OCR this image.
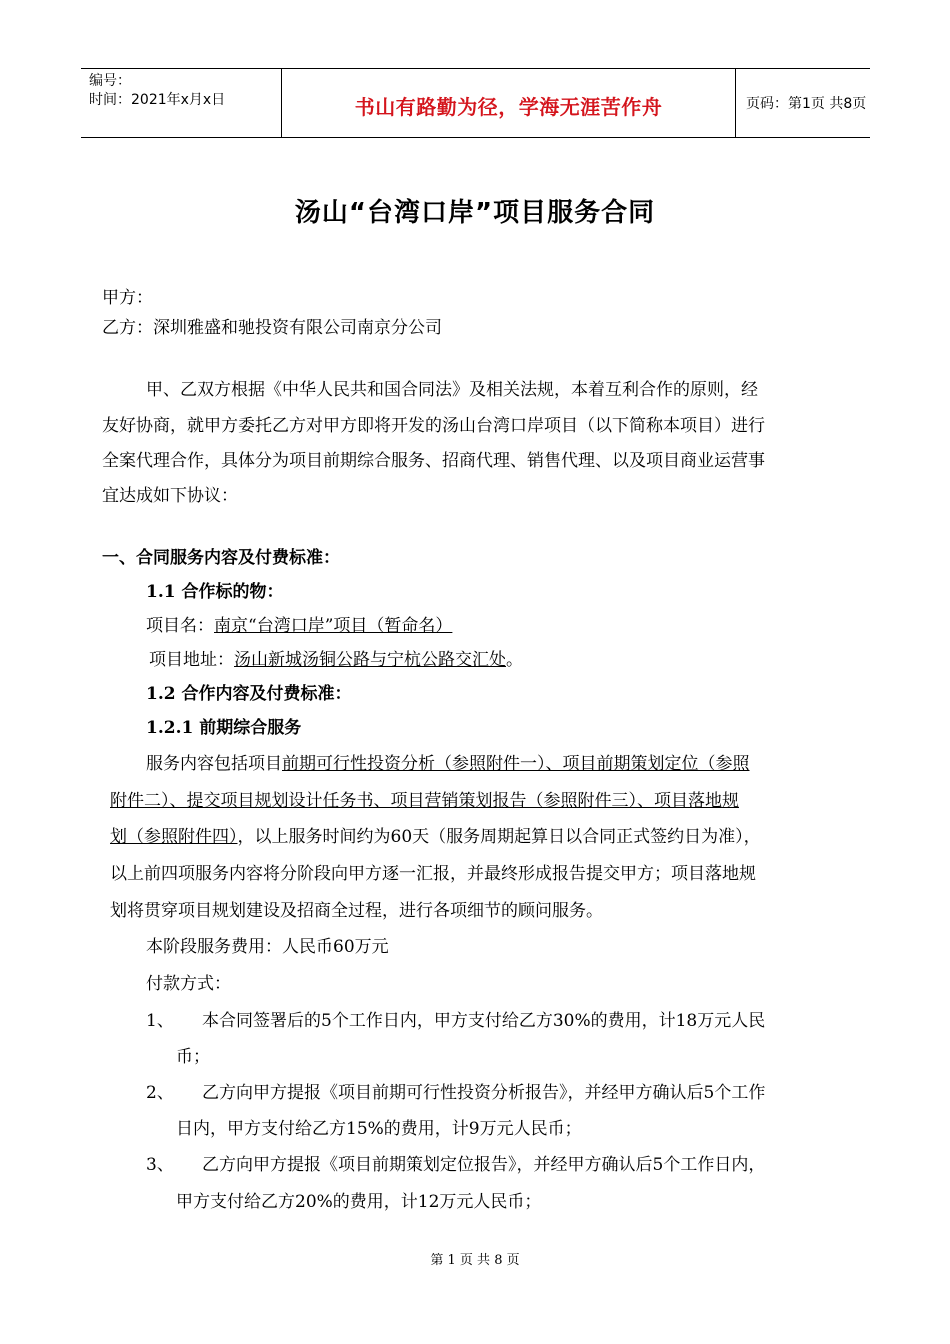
编号：
时间：2021年x月x日	书山有路勤为径，学海无涯苦作舟	页码：第1页 共8页
汤山“台湾口岸”项目服务合同
甲方：
乙方：深圳雅盛和驰投资有限公司南京分公司
甲、乙双方根据《中华人民共和国合同法》及相关法规，本着互利合作的原则，经
友好协商，就甲方委托乙方对甲方即将开发的汤山台湾口岸项目（以下简称本项目）进行
全案代理合作，具体分为项目前期综合服务、招商代理、销售代理、以及项目商业运营事
宜达成如下协议：
一、合同服务内容及付费标准：
1.1 合作标的物：
项目名：南京“台湾口岸”项目（暂命名）
项目地址：汤山新城汤铜公路与宁杭公路交汇处。
1.2 合作内容及付费标准：
1.2.1 前期综合服务
服务内容包括项目前期可行性投资分析（参照附件一）、项目前期策划定位（参照
附件二）、提交项目规划设计任务书、项目营销策划报告（参照附件三）、项目落地规
划（参照附件四），以上服务时间约为60天（服务周期起算日以合同正式签约日为准），
以上前四项服务内容将分阶段向甲方逐一汇报，并最终形成报告提交甲方；项目落地规
划将贯穿项目规划建设及招商全过程，进行各项细节的顾问服务。
本阶段服务费用：人民币60万元
付款方式：
1、 本合同签署后的5个工作日内，甲方支付给乙方30%的费用，计18万元人民
币；
2、 乙方向甲方提报《项目前期可行性投资分析报告》，并经甲方确认后5个工作
日内，甲方支付给乙方15%的费用，计9万元人民币；
3、 乙方向甲方提报《项目前期策划定位报告》，并经甲方确认后5个工作日内，
甲方支付给乙方20%的费用，计12万元人民币；
第 1 页 共 8 页
